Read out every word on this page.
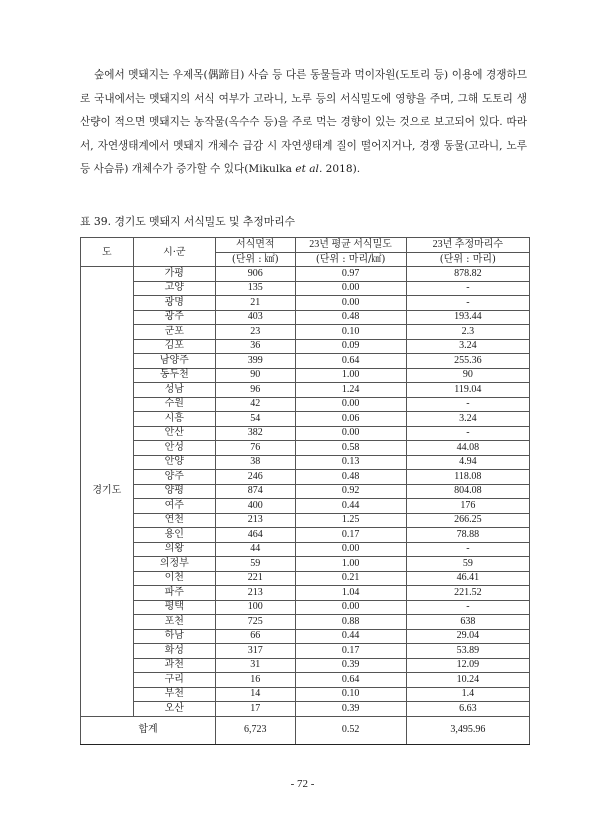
숲에서 멧돼지는 우제목(偶蹄目) 사슴 등 다른 동물들과 먹이자원(도토리 등) 이용에 경쟁하므로 국내에서는 멧돼지의 서식 여부가 고라니, 노루 등의 서식밀도에 영향을 주며, 그해 도토리 생산량이 적으면 멧돼지는 농작물(옥수수 등)을 주로 먹는 경향이 있는 것으로 보고되어 있다. 따라서, 자연생태계에서 멧돼지 개체수 급감 시 자연생태계 질이 떨어지거나, 경쟁 동물(고라니, 노루 등 사슴류) 개체수가 증가할 수 있다(Mikulka et al. 2018).

표 39. 경기도 멧돼지 서식밀도 및 추정마리수
도	시·군	서식면적	23년 평균 서식밀도	23년 추정마리수
		(단위 : ㎢)	(단위 : 마리/㎢)	(단위 : 마리)
경기도	가평	906	0.97	878.82
	고양	135	0.00	-
	광명	21	0.00	-
	광주	403	0.48	193.44
	군포	23	0.10	2.3
	김포	36	0.09	3.24
	남양주	399	0.64	255.36
	동두천	90	1.00	90
	성남	96	1.24	119.04
	수원	42	0.00	-
	시흥	54	0.06	3.24
	안산	382	0.00	-
	안성	76	0.58	44.08
	안양	38	0.13	4.94
	양주	246	0.48	118.08
	양평	874	0.92	804.08
	여주	400	0.44	176
	연천	213	1.25	266.25
	용인	464	0.17	78.88
	의왕	44	0.00	-
	의정부	59	1.00	59
	이천	221	0.21	46.41
	파주	213	1.04	221.52
	평택	100	0.00	-
	포천	725	0.88	638
	하남	66	0.44	29.04
	화성	317	0.17	53.89
	과천	31	0.39	12.09
	구리	16	0.64	10.24
	부천	14	0.10	1.4
	오산	17	0.39	6.63
합계		6,723	0.52	3,495.96
- 72 -
